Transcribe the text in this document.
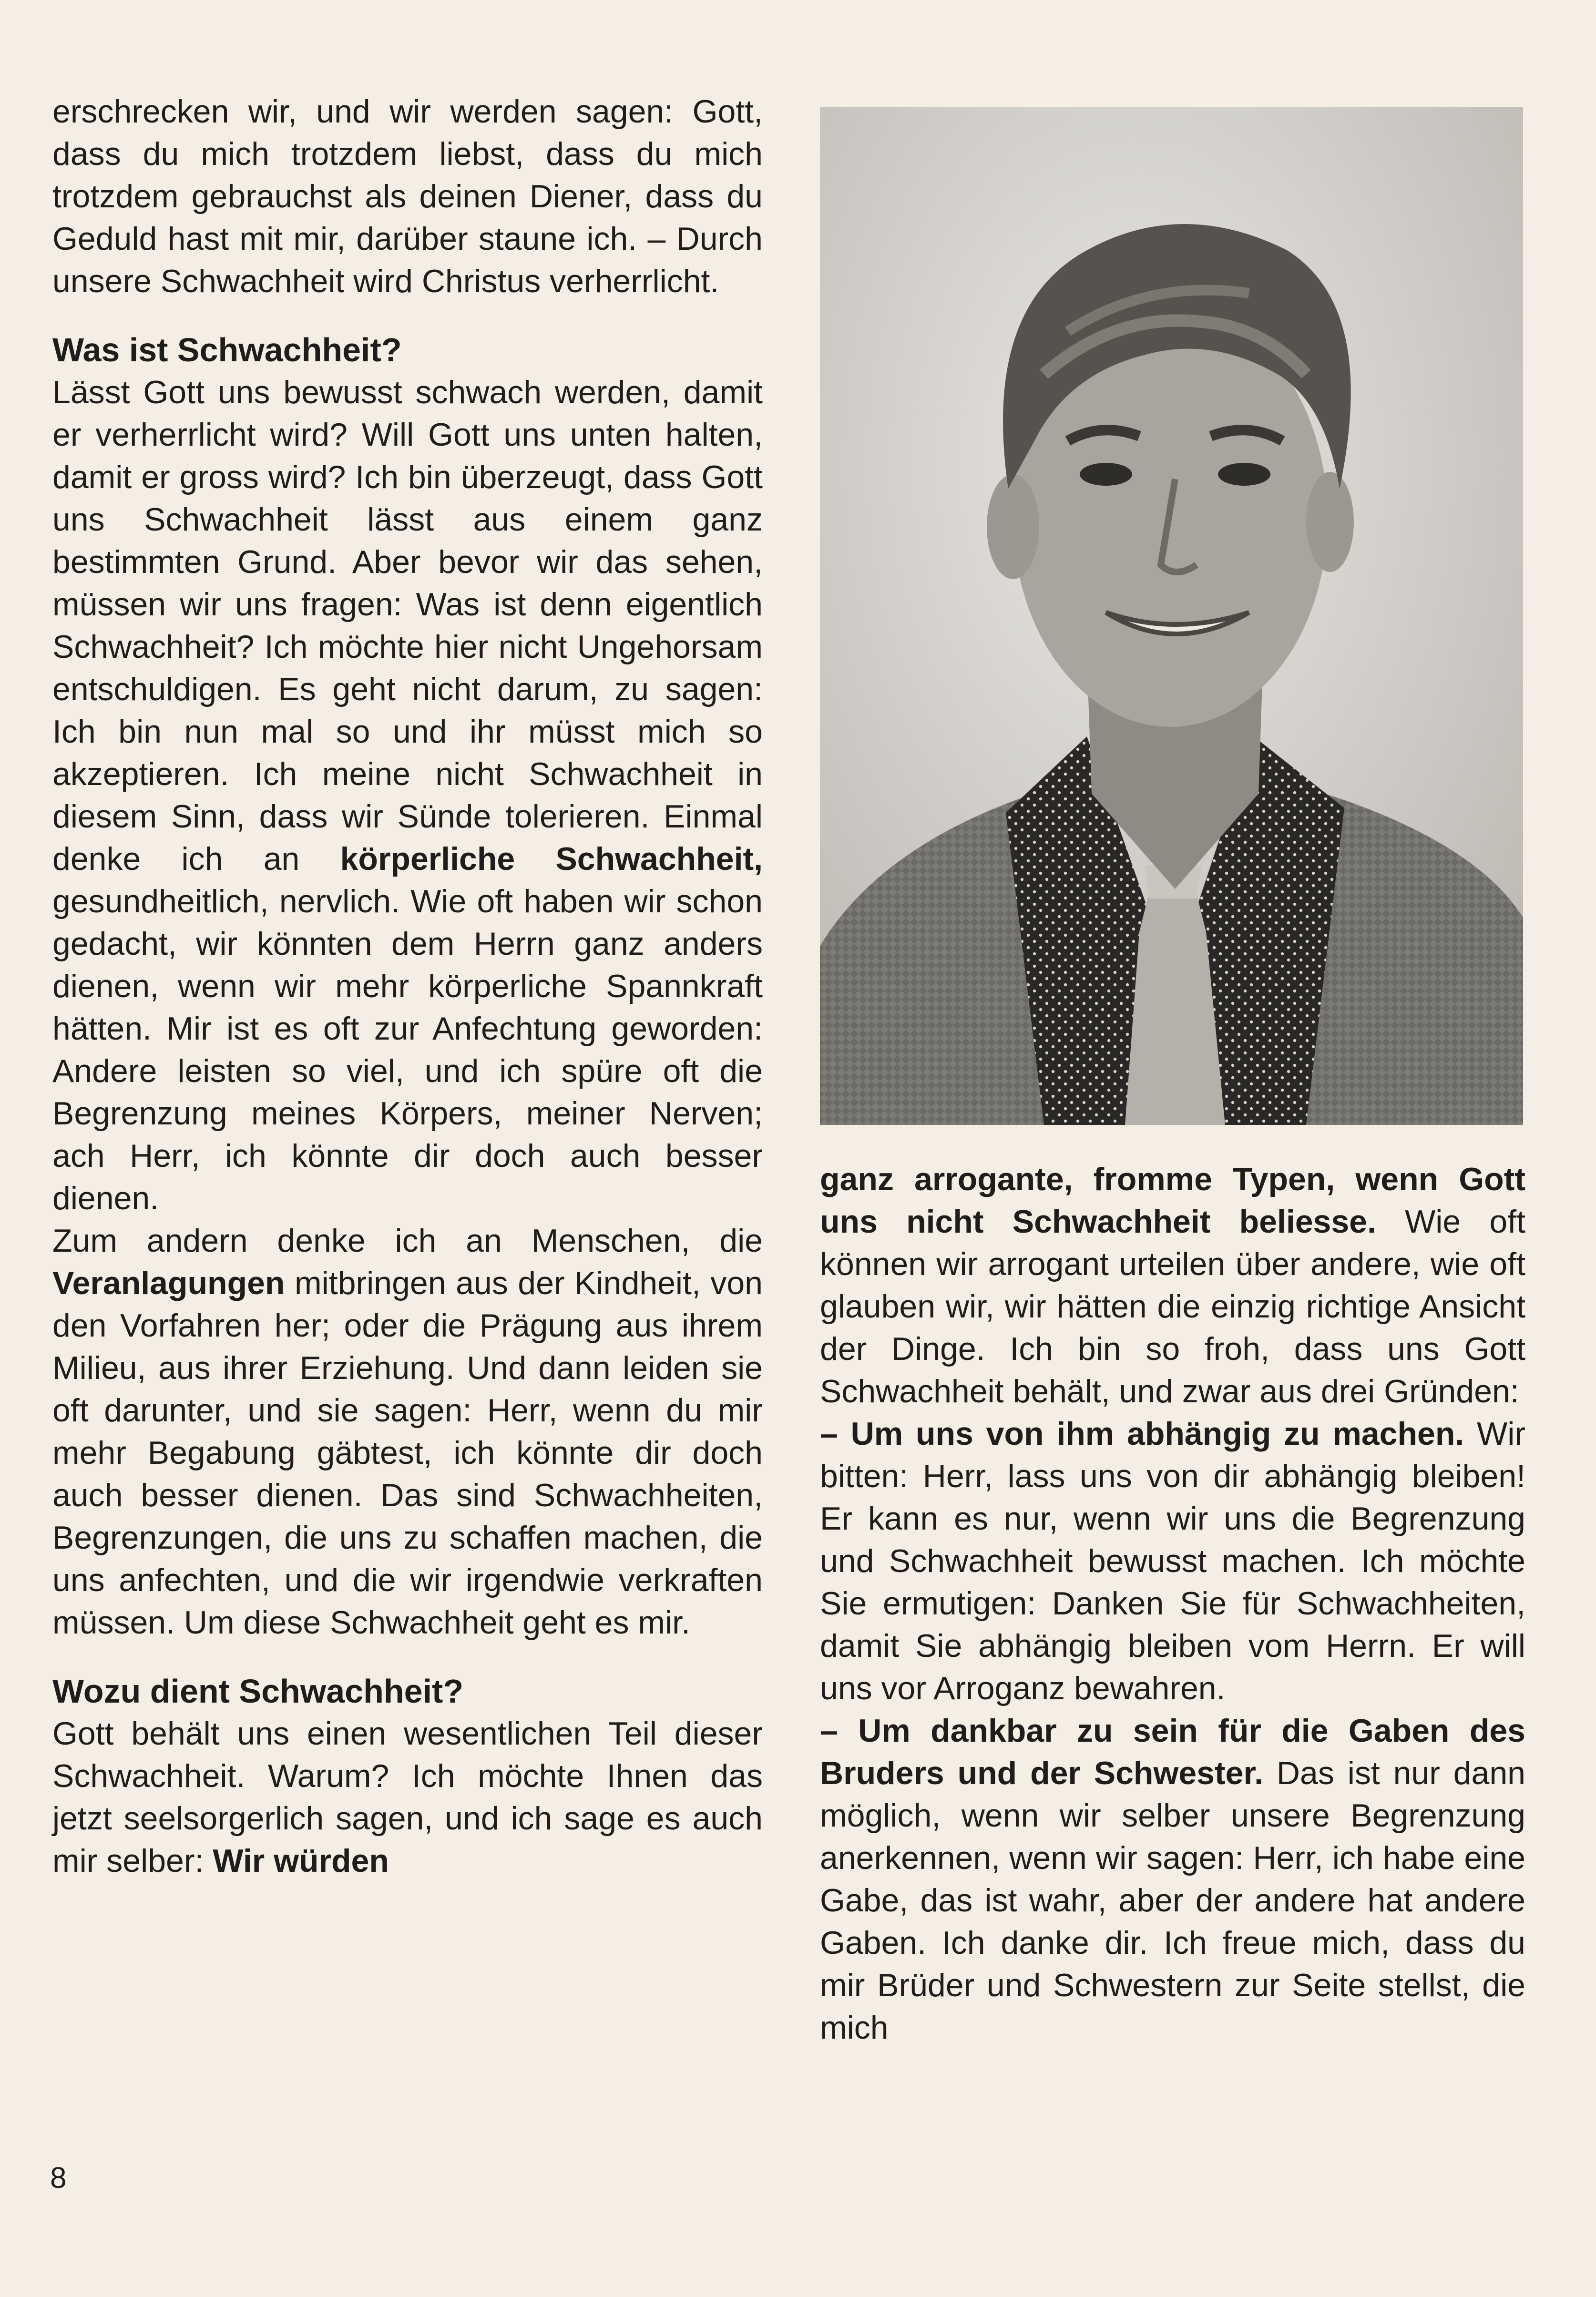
erschrecken wir, und wir werden sagen: Gott, dass du mich trotzdem liebst, dass du mich trotzdem gebrauchst als deinen Diener, dass du Geduld hast mit mir, darüber staune ich. – Durch unsere Schwachheit wird Christus verherrlicht.

Was ist Schwachheit?

Lässt Gott uns bewusst schwach werden, damit er verherrlicht wird? Will Gott uns unten halten, damit er gross wird? Ich bin überzeugt, dass Gott uns Schwachheit lässt aus einem ganz bestimmten Grund. Aber bevor wir das sehen, müssen wir uns fragen: Was ist denn eigentlich Schwachheit? Ich möchte hier nicht Ungehorsam entschuldigen. Es geht nicht darum, zu sagen: Ich bin nun mal so und ihr müsst mich so akzeptieren. Ich meine nicht Schwachheit in diesem Sinn, dass wir Sünde tolerieren. Einmal denke ich an körperliche Schwachheit, gesundheitlich, nervlich. Wie oft haben wir schon gedacht, wir könnten dem Herrn ganz anders dienen, wenn wir mehr körperliche Spannkraft hätten. Mir ist es oft zur Anfechtung geworden: Andere leisten so viel, und ich spüre oft die Begrenzung meines Körpers, meiner Nerven; ach Herr, ich könnte dir doch auch besser dienen.

Zum andern denke ich an Menschen, die Veranlagungen mitbringen aus der Kindheit, von den Vorfahren her; oder die Prägung aus ihrem Milieu, aus ihrer Erziehung. Und dann leiden sie oft darunter, und sie sagen: Herr, wenn du mir mehr Begabung gäbtest, ich könnte dir doch auch besser dienen. Das sind Schwachheiten, Begrenzungen, die uns zu schaffen machen, die uns anfechten, und die wir irgendwie verkraften müssen. Um diese Schwachheit geht es mir.

Wozu dient Schwachheit?

Gott behält uns einen wesentlichen Teil dieser Schwachheit. Warum? Ich möchte Ihnen das jetzt seelsorgerlich sagen, und ich sage es auch mir selber: Wir würden

ganz arrogante, fromme Typen, wenn Gott uns nicht Schwachheit beliesse. Wie oft können wir arrogant urteilen über andere, wie oft glauben wir, wir hätten die einzig richtige Ansicht der Dinge. Ich bin so froh, dass uns Gott Schwachheit behält, und zwar aus drei Gründen:

– Um uns von ihm abhängig zu machen. Wir bitten: Herr, lass uns von dir abhängig bleiben! Er kann es nur, wenn wir uns die Begrenzung und Schwachheit bewusst machen. Ich möchte Sie ermutigen: Danken Sie für Schwachheiten, damit Sie abhängig bleiben vom Herrn. Er will uns vor Arroganz bewahren.

– Um dankbar zu sein für die Gaben des Bruders und der Schwester. Das ist nur dann möglich, wenn wir selber unsere Begrenzung anerkennen, wenn wir sagen: Herr, ich habe eine Gabe, das ist wahr, aber der andere hat andere Gaben. Ich danke dir. Ich freue mich, dass du mir Brüder und Schwestern zur Seite stellst, die mich

8
